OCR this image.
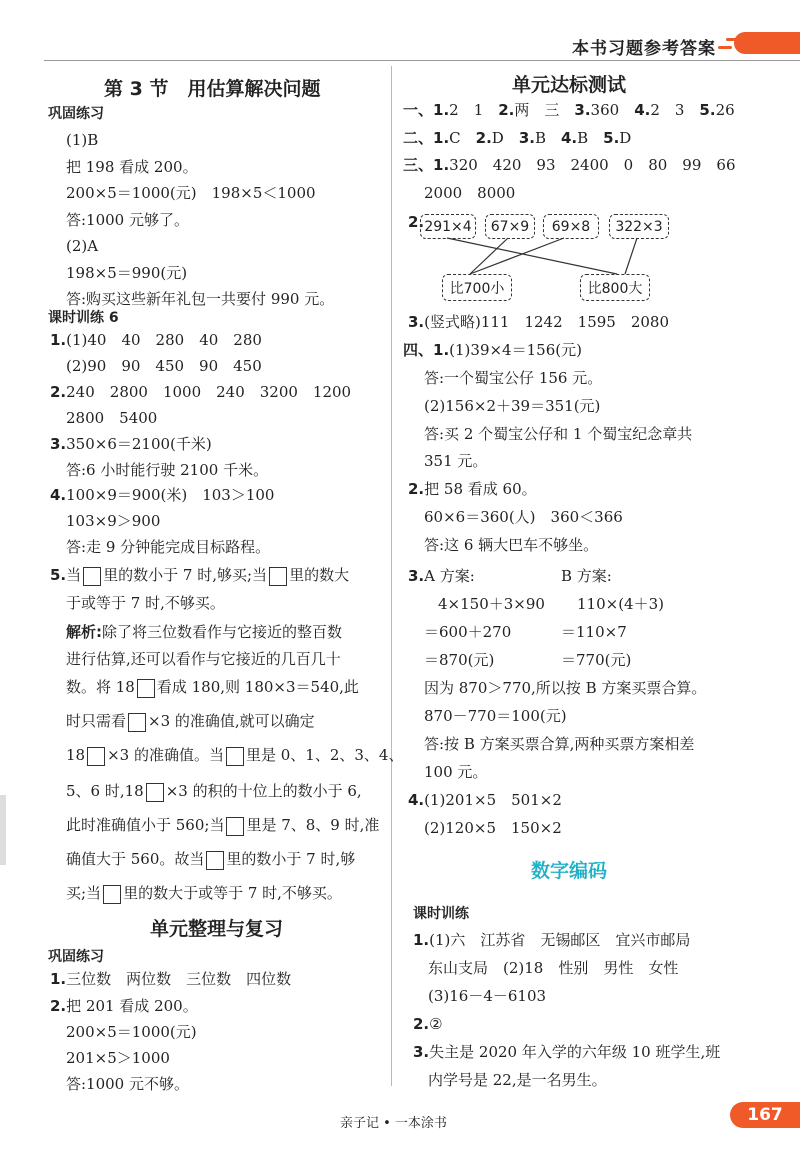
本书习题参考答案
第 3 节　用估算解决问题
巩固练习
(1)B
把 198 看成 200。
200×5＝1000(元)　198×5＜1000
答:1000 元够了。
(2)A
198×5＝990(元)
答:购买这些新年礼包一共要付 990 元。
课时训练 6
1.(1)40　40　280　40　280
(2)90　90　450　90　450
2.240　2800　1000　240　3200　1200
2800　5400
3.350×6＝2100(千米)
答:6 小时能行驶 2100 千米。
4.100×9＝900(米)　103＞100
103×9＞900
答:走 9 分钟能完成目标路程。
5.当 里的数小于 7 时,够买;当 里的数大
于或等于 7 时,不够买。
解析:除了将三位数看作与它接近的整百数
进行估算,还可以看作与它接近的几百几十
数。将 18 看成 180,则 180×3＝540,此
时只需看 ×3 的准确值,就可以确定
18 ×3 的准确值。当 里是 0、1、2、3、4、
5、6 时,18 ×3 的积的十位上的数小于 6,
此时准确值小于 560;当 里是 7、8、9 时,准
确值大于 560。故当 里的数小于 7 时,够
买;当 里的数大于或等于 7 时,不够买。
单元整理与复习
巩固练习
1.三位数　两位数　三位数　四位数
2.把 201 看成 200。
200×5＝1000(元)
201×5＞1000
答:1000 元不够。
单元达标测试
一、1.2　1　2.两　三　3.360　4.2　3　5.26
二、1.C　2.D　3.B　4.B　5.D
三、1.320　420　93　2400　0　80　99　66
2000　8000
2. 291×4	67×9	69×8	322×3
比700小	比800大
3.(竖式略)111　1242　1595　2080
四、1.(1)39×4＝156(元)
答:一个蜀宝公仔 156 元。
(2)156×2＋39＝351(元)
答:买 2 个蜀宝公仔和 1 个蜀宝纪念章共
351 元。
2.把 58 看成 60。
60×6＝360(人)　360＜366
答:这 6 辆大巴车不够坐。
3.A 方案:	B 方案:
4×150＋3×90 110×(4＋3)
＝600＋270	＝110×7
＝870(元)	＝770(元)
因为 870＞770,所以按 B 方案买票合算。
870－770＝100(元)
答:按 B 方案买票合算,两种买票方案相差
100 元。
4.(1)201×5　501×2
(2)120×5　150×2
数字编码
课时训练
1.(1)六　江苏省　无锡邮区　宜兴市邮局
东山支局　(2)18　性别　男性　女性
(3)16－4－6103
2.②
3.失主是 2020 年入学的六年级 10 班学生,班
内学号是 22,是一名男生。
亲子记 • 一本涂书	167
